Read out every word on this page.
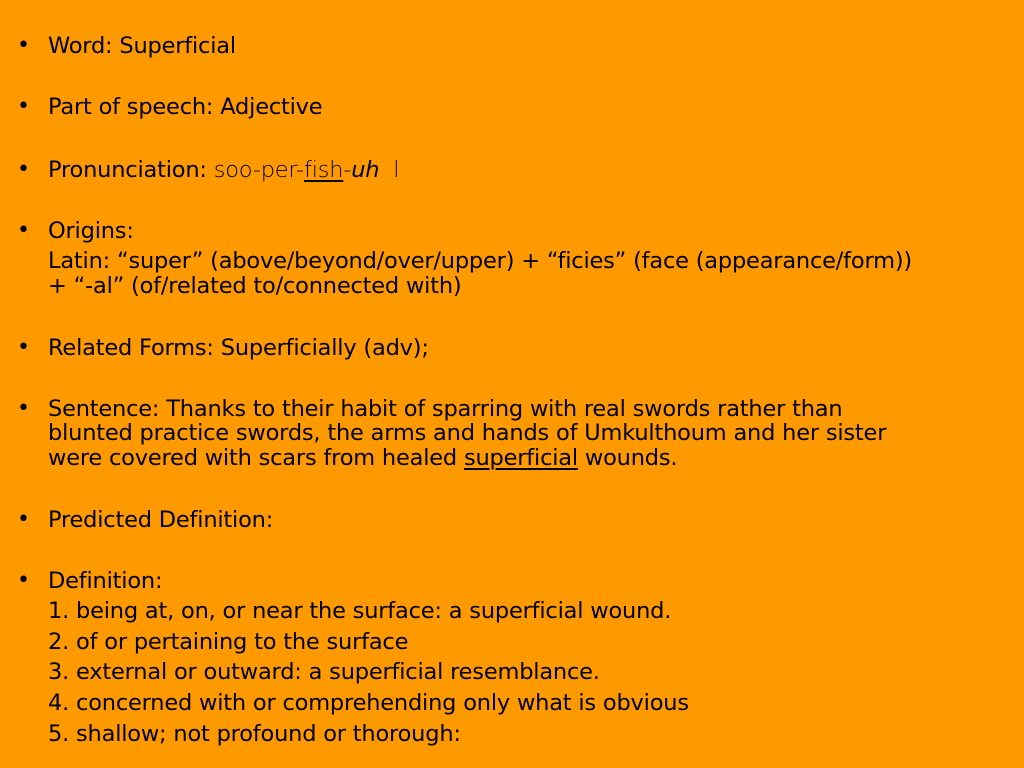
• Word: Superficial
• Part of speech: Adjective
• Pronunciation: soo-per-fish-uh l
• Origins:
Latin: “super” (above/beyond/over/upper) + “ficies” (face (appearance/form))
+ “-al” (of/related to/connected with)
• Related Forms: Superficially (adv);
• Sentence: Thanks to their habit of sparring with real swords rather than
blunted practice swords, the arms and hands of Umkulthoum and her sister
were covered with scars from healed superficial wounds.
• Predicted Definition:
• Definition:
1. being at, on, or near the surface: a superficial wound.
2. of or pertaining to the surface
3. external or outward: a superficial resemblance.
4. concerned with or comprehending only what is obvious
5. shallow; not profound or thorough:
